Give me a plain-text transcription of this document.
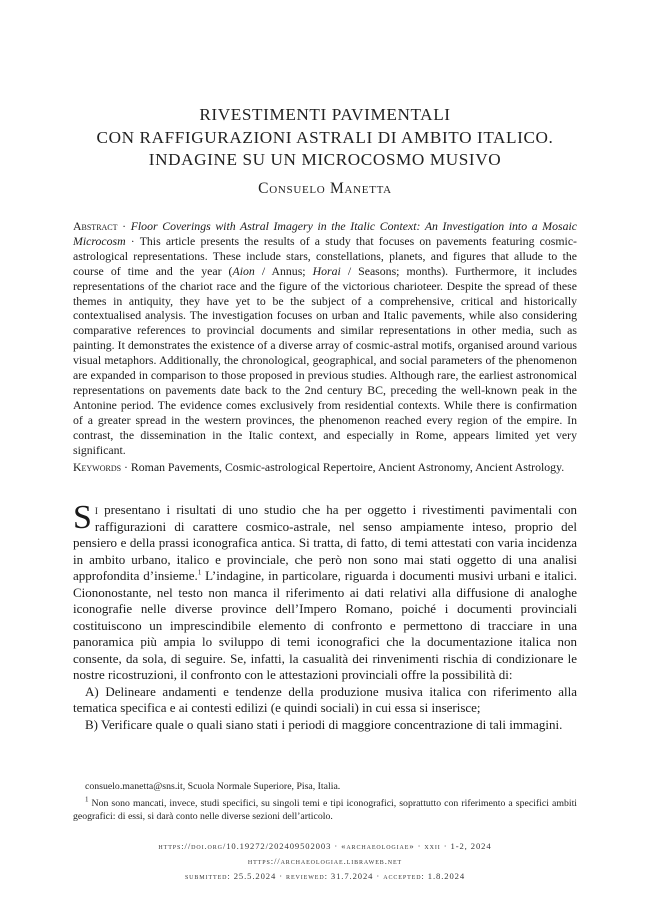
RIVESTIMENTI PAVIMENTALI
CON RAFFIGURAZIONI ASTRALI DI AMBITO ITALICO.
INDAGINE SU UN MICROCOSMO MUSIVO
Consuelo Manetta
Abstract · Floor Coverings with Astral Imagery in the Italic Context: An Investigation into a Mosaic Microcosm · This article presents the results of a study that focuses on pavements featuring cosmic-astrological representations. These include stars, constellations, planets, and figures that allude to the course of time and the year (Aion / Annus; Horai / Seasons; months). Furthermore, it includes representations of the chariot race and the figure of the victorious charioteer. Despite the spread of these themes in antiquity, they have yet to be the subject of a comprehensive, critical and historically contextualised analysis. The investigation focuses on urban and Italic pavements, while also considering comparative references to provincial documents and similar representations in other media, such as painting. It demonstrates the existence of a diverse array of cosmic-astral motifs, organised around various visual metaphors. Additionally, the chronological, geographical, and social parameters of the phenomenon are expanded in comparison to those proposed in previous studies. Although rare, the earliest astronomical representations on pavements date back to the 2nd century BC, preceding the well-known peak in the Antonine period. The evidence comes exclusively from residential contexts. While there is confirmation of a greater spread in the western provinces, the phenomenon reached every region of the empire. In contrast, the dissemination in the Italic context, and especially in Rome, appears limited yet very significant.
Keywords · Roman Pavements, Cosmic-astrological Repertoire, Ancient Astronomy, Ancient Astrology.

Si presentano i risultati di uno studio che ha per oggetto i rivestimenti pavimentali con raffigurazioni di carattere cosmico-astrale, nel senso ampiamente inteso, proprio del pensiero e della prassi iconografica antica. Si tratta, di fatto, di temi attestati con varia incidenza in ambito urbano, italico e provinciale, che però non sono mai stati oggetto di una analisi approfondita d’insieme.$^1$ L’indagine, in particolare, riguarda i documenti musivi urbani e italici. Ciononostante, nel testo non manca il riferimento ai dati relativi alla diffusione di analoghe iconografie nelle diverse province dell’Impero Romano, poiché i documenti provinciali costituiscono un imprescindibile elemento di confronto e permettono di tracciare in una panoramica più ampia lo sviluppo di temi iconografici che la documentazione italica non consente, da sola, di seguire. Se, infatti, la casualità dei rinvenimenti rischia di condizionare le nostre ricostruzioni, il confronto con le attestazioni provinciali offre la possibilità di:

A) Delineare andamenti e tendenze della produzione musiva italica con riferimento alla tematica specifica e ai contesti edilizi (e quindi sociali) in cui essa si inserisce;

B) Verificare quale o quali siano stati i periodi di maggiore concentrazione di tali immagini.

consuelo.manetta@sns.it, Scuola Normale Superiore, Pisa, Italia.

$^1$ Non sono mancati, invece, studi specifici, su singoli temi e tipi iconografici, soprattutto con riferimento a specifici ambiti geografici: di essi, si darà conto nelle diverse sezioni dell’articolo.

https://doi.org/10.19272/202409502003 · «archaeologiae» · xxii · 1-2, 2024
https://archaeologiae.libraweb.net
submitted: 25.5.2024 · reviewed: 31.7.2024 · accepted: 1.8.2024
